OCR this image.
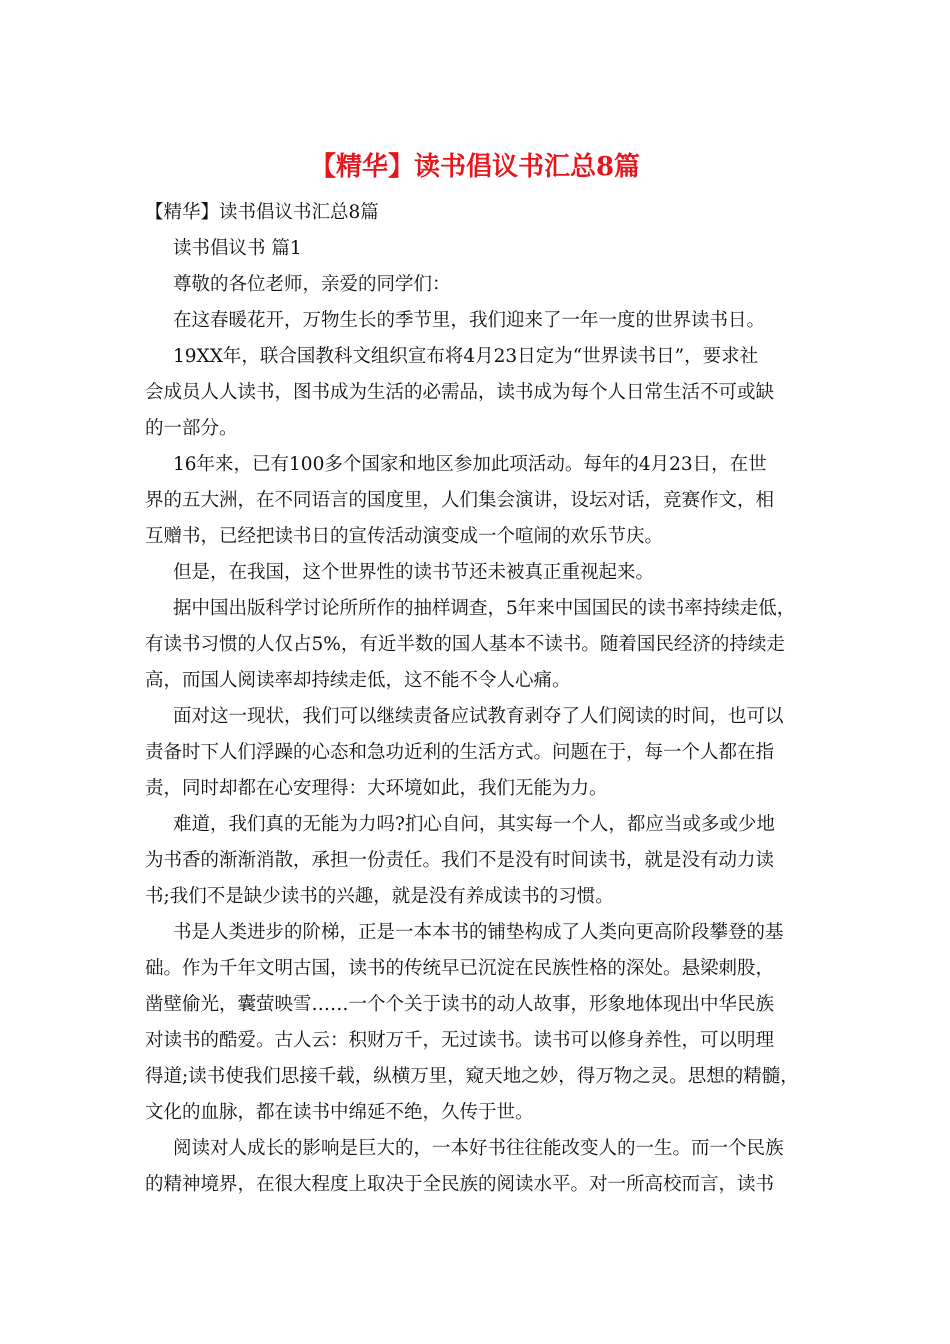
【精华】读书倡议书汇总8篇
【精华】读书倡议书汇总8篇
读书倡议书 篇1
尊敬的各位老师，亲爱的同学们：
在这春暖花开，万物生长的季节里，我们迎来了一年一度的世界读书日。
19XX年，联合国教科文组织宣布将4月23日定为“世界读书日”，要求社
会成员人人读书，图书成为生活的必需品，读书成为每个人日常生活不可或缺
的一部分。
16年来，已有100多个国家和地区参加此项活动。每年的4月23日，在世
界的五大洲，在不同语言的国度里，人们集会演讲，设坛对话，竞赛作文，相
互赠书，已经把读书日的宣传活动演变成一个喧闹的欢乐节庆。
但是，在我国，这个世界性的读书节还未被真正重视起来。
据中国出版科学讨论所所作的抽样调查，5年来中国国民的读书率持续走低，
有读书习惯的人仅占5%，有近半数的国人基本不读书。随着国民经济的持续走
高，而国人阅读率却持续走低，这不能不令人心痛。
面对这一现状，我们可以继续责备应试教育剥夺了人们阅读的时间，也可以
责备时下人们浮躁的心态和急功近利的生活方式。问题在于，每一个人都在指
责，同时却都在心安理得：大环境如此，我们无能为力。
难道，我们真的无能为力吗?扪心自问，其实每一个人，都应当或多或少地
为书香的渐渐消散，承担一份责任。我们不是没有时间读书，就是没有动力读
书;我们不是缺少读书的兴趣，就是没有养成读书的习惯。
书是人类进步的阶梯，正是一本本书的铺垫构成了人类向更高阶段攀登的基
础。作为千年文明古国，读书的传统早已沉淀在民族性格的深处。悬梁刺股，
凿壁偷光，囊萤映雪……一个个关于读书的动人故事，形象地体现出中华民族
对读书的酷爱。古人云：积财万千，无过读书。读书可以修身养性，可以明理
得道;读书使我们思接千载，纵横万里，窥天地之妙，得万物之灵。思想的精髓，
文化的血脉，都在读书中绵延不绝，久传于世。
阅读对人成长的影响是巨大的，一本好书往往能改变人的一生。而一个民族
的精神境界，在很大程度上取决于全民族的阅读水平。对一所高校而言，读书
